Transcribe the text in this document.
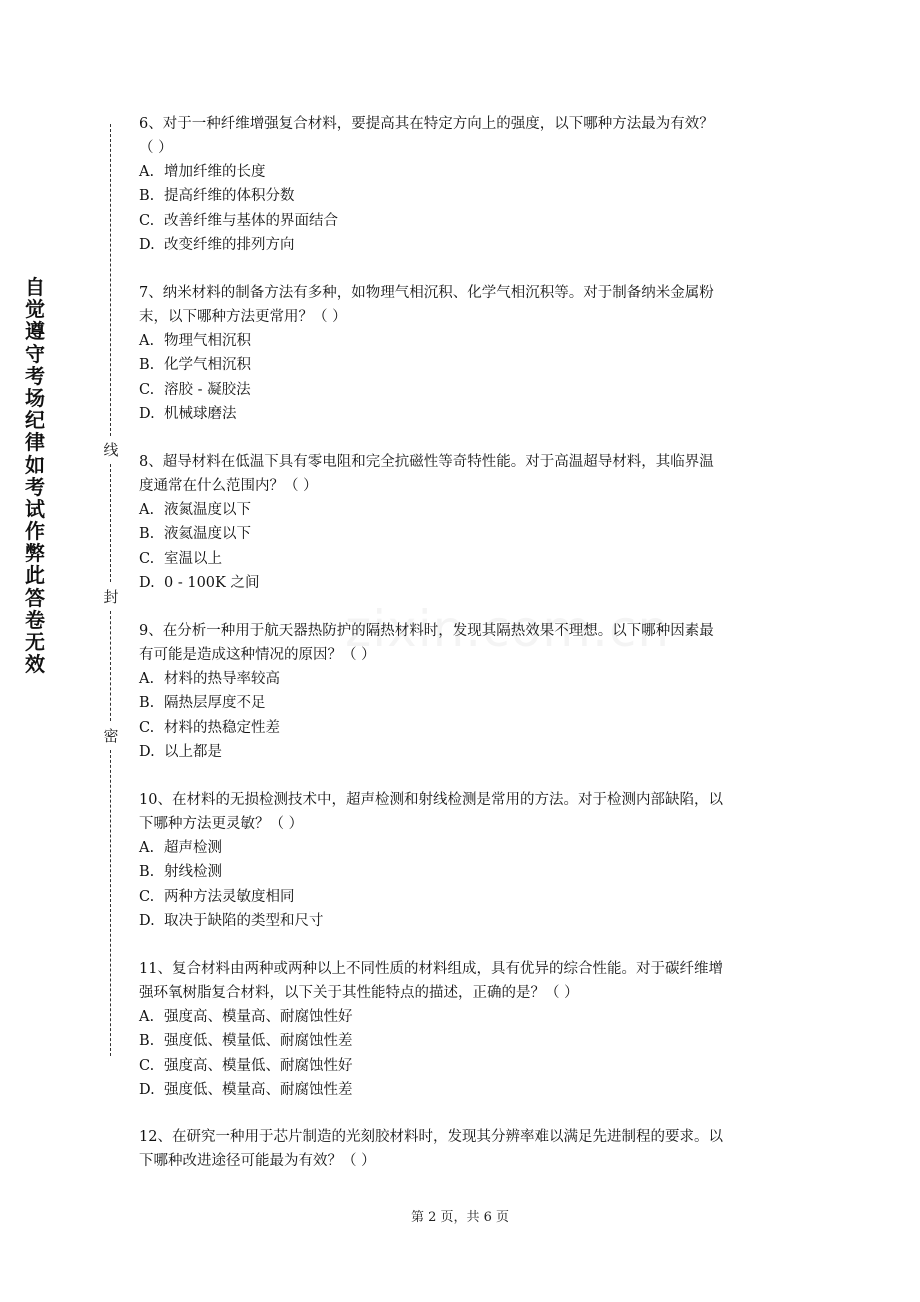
自
觉
遵
守
考
场
纪
律
如
考
试
作
弊
此
答
卷
无
效
线
封
密
6、对于一种纤维增强复合材料，要提高其在特定方向上的强度，以下哪种方法最为有效？
（ ）
A. 增加纤维的长度
B. 提高纤维的体积分数
C. 改善纤维与基体的界面结合
D. 改变纤维的排列方向
7、纳米材料的制备方法有多种，如物理气相沉积、化学气相沉积等。对于制备纳米金属粉
末，以下哪种方法更常用？（ ）
A. 物理气相沉积
B. 化学气相沉积
C. 溶胶 - 凝胶法
D. 机械球磨法
8、超导材料在低温下具有零电阻和完全抗磁性等奇特性能。对于高温超导材料，其临界温
度通常在什么范围内？（ ）
A. 液氮温度以下
B. 液氦温度以下
C. 室温以上
D. 0 - 100K 之间
9、在分析一种用于航天器热防护的隔热材料时，发现其隔热效果不理想。以下哪种因素最
有可能是造成这种情况的原因？（ ）
A. 材料的热导率较高
B. 隔热层厚度不足
C. 材料的热稳定性差
D. 以上都是
10、在材料的无损检测技术中，超声检测和射线检测是常用的方法。对于检测内部缺陷，以
下哪种方法更灵敏？（ ）
A. 超声检测
B. 射线检测
C. 两种方法灵敏度相同
D. 取决于缺陷的类型和尺寸
11、复合材料由两种或两种以上不同性质的材料组成，具有优异的综合性能。对于碳纤维增
强环氧树脂复合材料，以下关于其性能特点的描述，正确的是？（ ）
A. 强度高、模量高、耐腐蚀性好
B. 强度低、模量低、耐腐蚀性差
C. 强度高、模量低、耐腐蚀性好
D. 强度低、模量高、耐腐蚀性差
12、在研究一种用于芯片制造的光刻胶材料时，发现其分辨率难以满足先进制程的要求。以
下哪种改进途径可能最为有效？（ ）
第 2 页，共 6 页
